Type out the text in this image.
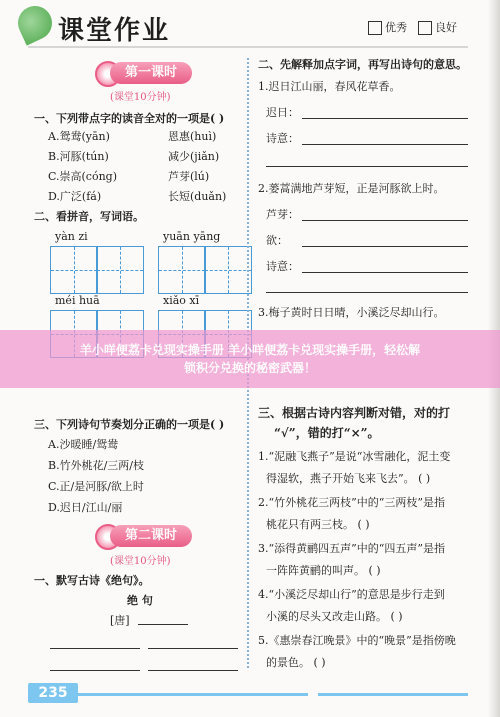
课堂作业	优秀	良好
第一课时
(课堂10分钟)
一、下列带点字的读音全对的一项是( )
A.鸳鸯(yān)	恩惠(huì)
B.河豚(tún)	减少(jiǎn)
C.崇高(cóng)	芦芽(lú)
D.广泛(fá)	长短(duǎn)
二、看拼音，写词语。
yàn zi	yuān yāng
méi huā	xiǎo xī
三、下列诗句节奏划分正确的一项是( )
A.沙暖睡/鸳鸯
B.竹外桃花/三两/枝
C.正/是河豚/欲上时
D.迟日/江山/丽
第二课时
(课堂10分钟)
一、默写古诗《绝句》。
绝 句
[唐]
二、先解释加点字词，再写出诗句的意思。
1.迟日江山丽，春风花草香。
迟日：
诗意：
2.蒌蒿满地芦芽短，正是河豚欲上时。
芦芽：
欲：
诗意：
3.梅子黄时日日晴，小溪泛尽却山行。
三、根据古诗内容判断对错，对的打
“√”，错的打“×”。
1.“泥融飞燕子”是说“冰雪融化，泥土变
得湿软，燕子开始飞来飞去”。 ( )
2.“竹外桃花三两枝”中的“三两枝”是指
桃花只有两三枝。 ( )
3.“添得黄鹂四五声”中的“四五声”是指
一阵阵黄鹂的叫声。 ( )
4.“小溪泛尽却山行”的意思是步行走到
小溪的尽头又改走山路。 ( )
5.《惠崇春江晚景》中的“晚景”是指傍晚
的景色。 ( )
羊小咩便荔卡兑现实操手册 羊小咩便荔卡兑现实操手册，轻松解
锁积分兑换的秘密武器！
235
